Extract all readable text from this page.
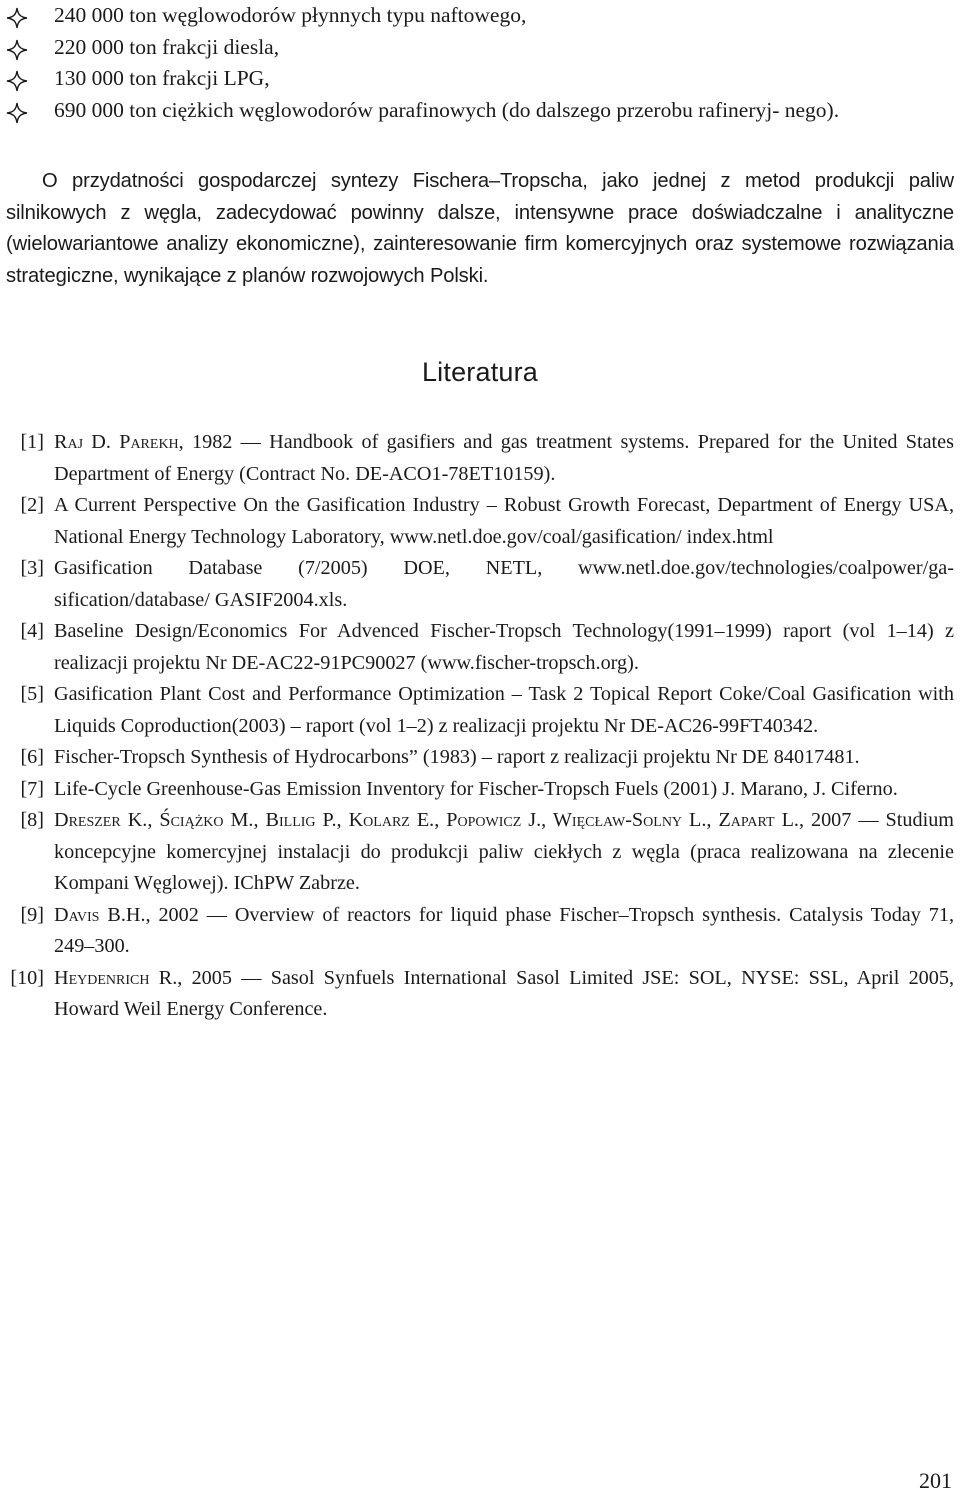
240 000 ton węglowodorów płynnych typu naftowego,
220 000 ton frakcji diesla,
130 000 ton frakcji LPG,
690 000 ton ciężkich węglowodorów parafinowych (do dalszego przerobu rafineryj- nego).

O przydatności gospodarczej syntezy Fischera–Tropscha, jako jednej z metod produkcji paliw silnikowych z węgla, zadecydować powinny dalsze, intensywne prace doświadczalne i analityczne (wielowariantowe analizy ekonomiczne), zainteresowanie firm komercyjnych oraz systemowe rozwiązania strategiczne, wynikające z planów rozwojowych Polski.

Literatura
[1] Raj D. Parekh, 1982 — Handbook of gasifiers and gas treatment systems. Prepared for the United States Department of Energy (Contract No. DE-ACO1-78ET10159).
[2] A Current Perspective On the Gasification Industry – Robust Growth Forecast, Department of Energy USA, National Energy Technology Laboratory, www.netl.doe.gov/coal/gasification/ index.html
[3] Gasification Database (7/2005) DOE, NETL, www.netl.doe.gov/technologies/coalpower/ga- sification/database/ GASIF2004.xls.
[4] Baseline Design/Economics For Advenced Fischer-Tropsch Technology(1991–1999) raport (vol 1–14) z realizacji projektu Nr DE-AC22-91PC90027 (www.fischer-tropsch.org).
[5] Gasification Plant Cost and Performance Optimization – Task 2 Topical Report Coke/Coal Gasification with Liquids Coproduction(2003) – raport (vol 1–2) z realizacji projektu Nr DE-AC26-99FT40342.
[6] Fischer-Tropsch Synthesis of Hydrocarbons” (1983) – raport z realizacji projektu Nr DE 84017481.
[7] Life-Cycle Greenhouse-Gas Emission Inventory for Fischer-Tropsch Fuels (2001) J. Marano, J. Ciferno.
[8] Dreszer K., Ściążko M., Billig P., Kolarz E., Popowicz J., Więcław-Solny L., Zapart L., 2007 — Studium koncepcyjne komercyjnej instalacji do produkcji paliw ciekłych z węgla (praca realizowana na zlecenie Kompani Węglowej). IChPW Zabrze.
[9] Davis B.H., 2002 — Overview of reactors for liquid phase Fischer–Tropsch synthesis. Catalysis Today 71, 249–300.
[10] Heydenrich R., 2005 — Sasol Synfuels International Sasol Limited JSE: SOL, NYSE: SSL, April 2005, Howard Weil Energy Conference.
201
